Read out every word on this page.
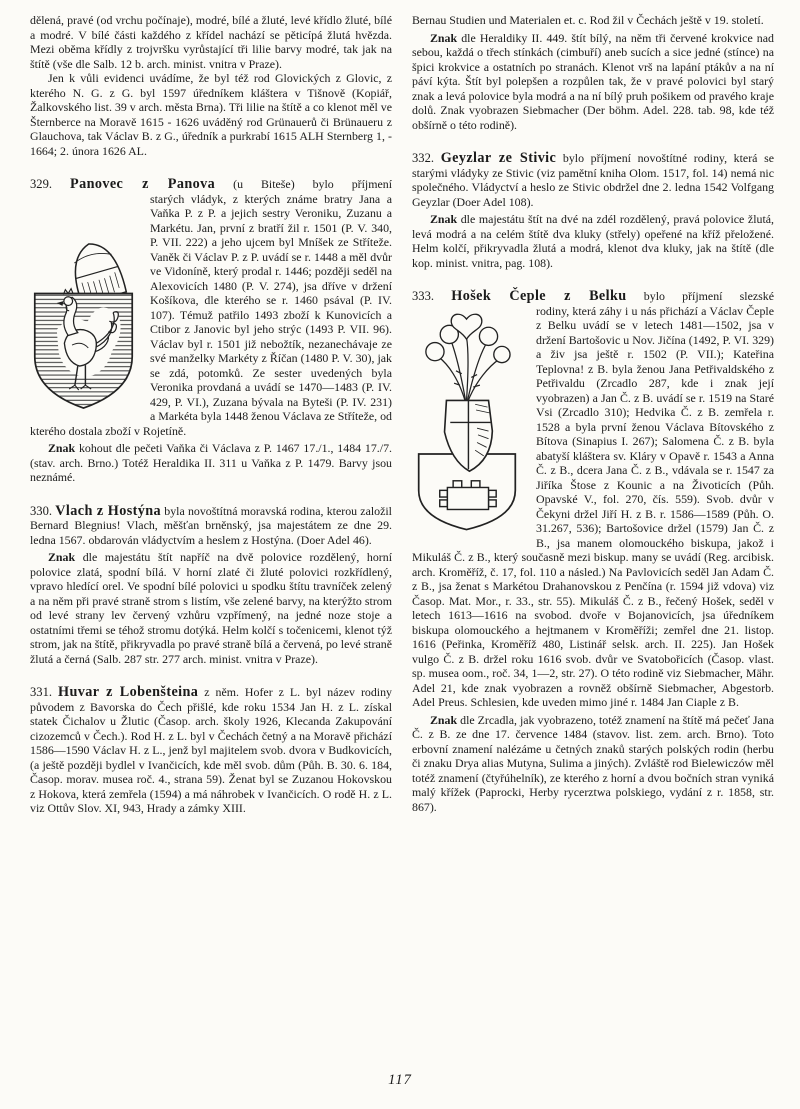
dělená, pravé (od vrchu počínaje), modré, bílé a žluté, levé křídlo žluté, bílé a modré. V bílé části každého z křídel nachází se pěticípá žlutá hvězda. Mezi oběma křídly z trojvršku vyrůstající tři lilie barvy modré, tak jak na štítě (vše dle Salb. 12 b. arch. minist. vnitra v Praze).

Jen k vůli evidenci uvádíme, že byl též rod Glovických z Glovic, z kterého N. G. z G. byl 1597 úředníkem kláštera v Tišnově (Kopiář, Žalkovského list. 39 v arch. města Brna). Tři lilie na štítě a co klenot měl ve Šternberce na Moravě 1615 - 1626 uváděný rod Grünauerů či Brünaueru z Glauchova, tak Václav B. z G., úředník a purkrabí 1615 ALH Sternberg 1, - 1664; 2. února 1626 AL.

329. Panovec z Panova (u Biteše) bylo příjmení

starých vládyk, z kterých známe bratry Jana a Vaňka P. z P. a jejich sestry Veroniku, Zuzanu a Markétu. Jan, první z bratří žil r. 1501 (P. V. 340, P. VII. 222) a jeho ujcem byl Mníšek ze Stříteže. Vaněk či Václav P. z P. uvádí se r. 1448 a měl dvůr ve Vidoníně, který prodal r. 1446; později seděl na Alexovicích 1480 (P. V. 274), jsa dříve v držení Košíkova, dle kterého se r. 1460 psával (P. IV. 107). Témuž patřilo 1493 zboží k Kunovicích a Ctibor z Janovic byl jeho strýc (1493 P. VII. 96). Václav byl r. 1501 již nebožtík, nezanechávaje ze své manželky Markéty z Říčan (1480 P. V. 30), jak se zdá, potomků. Ze sester uvedených byla Veronika provdaná a uvádí se 1470—1483 (P. IV. 429, P. VI.), Zuzana bývala na Byteši (P. IV. 231) a Markéta byla 1448 ženou Václava ze Stříteže, od kterého dostala zboží v Rojetíně.

Znak kohout dle pečeti Vaňka či Václava z P. 1467 17./1., 1484 17./7. (stav. arch. Brno.) Totéž Heraldika II. 311 u Vaňka z P. 1479. Barvy jsou neznámé.

330. Vlach z Hostýna byla novoštítná moravská rodina, kterou založil Bernard Blegnius! Vlach, měšťan brněnský, jsa majestátem ze dne 29. ledna 1567. obdarován vládyctvím a heslem z Hostýna. (Doer Adel 46).

Znak dle majestátu štít napříč na dvě polovice rozdělený, horní polovice zlatá, spodní bílá. V horní zlaté či žluté polovici rozkřídlený, vpravo hledící orel. Ve spodní bílé polovici u spodku štítu travníček zelený a na něm při pravé straně strom s listím, vše zelené barvy, na kterýžto strom od levé strany lev červený vzhůru vzpřímený, na jedné noze stoje a ostatními třemi se téhož stromu dotýká. Helm kolčí s točenicemi, klenot týž strom, jak na štítě, přikryvadla po pravé straně bílá a červená, po levé straně žlutá a černá (Salb. 287 str. 277 arch. minist. vnitra v Praze).

331. Huvar z Lobenšteina z něm. Hofer z L. byl název rodiny původem z Bavorska do Čech přišlé, kde roku 1534 Jan H. z L. získal statek Čichalov u Žlutic (Časop. arch. školy 1926, Klecanda Zakupování cizozemců v Čech.). Rod H. z L. byl v Čechách četný a na Moravě přichází 1586—1590 Václav H. z L., jenž byl majitelem svob. dvora v Budkovicích, (a ještě později bydlel v Ivančicích, kde měl svob. dům (Půh. B. 30. 6. 184, Časop. morav. musea roč. 4., strana 59). Ženat byl se Zuzanou Hokovskou z Hokova, která zemřela (1594) a má náhrobek v Ivančicích. O rodě H. z L. viz Ottův Slov. XI, 943, Hrady a zámky XIII.

Bernau Studien und Materialen et. c. Rod žil v Čechách ještě v 19. století.

Znak dle Heraldiky II. 449. štít bílý, na něm tři červené krokvice nad sebou, každá o třech stínkách (cimbuří) aneb sucích a sice jedné (stínce) na špici krokvice a ostatních po stranách. Klenot vrš na lapání ptákův a na ní páví kýta. Štít byl polepšen a rozpůlen tak, že v pravé polovici byl starý znak a levá polovice byla modrá a na ní bílý pruh pošikem od pravého kraje dolů. Znak vyobrazen Siebmacher (Der böhm. Adel. 228. tab. 98, kde též obšírně o této rodině).

332. Geyzlar ze Stivic bylo příjmení novoštítné rodiny, která se starými vládyky ze Stivic (viz pamětní kniha Olom. 1517, fol. 14) nemá nic společného. Vládyctví a heslo ze Stivic obdržel dne 2. ledna 1542 Volfgang Geyzlar (Doer Adel 108).

Znak dle majestátu štít na dvé na zdél rozdělený, pravá polovice žlutá, levá modrá a na celém štítě dva kluky (střely) opeřené na kříž přeložené. Helm kolčí, přikryvadla žlutá a modrá, klenot dva kluky, jak na štítě (dle kop. minist. vnitra, pag. 108).

333. Hošek Čeple z Belku bylo příjmení slezské

rodiny, která záhy i u nás přichází a Václav Čeple z Belku uvádí se v letech 1481—1502, jsa v držení Bartošovic u Nov. Jičína (1492, P. VI. 329) a živ jsa ještě r. 1502 (P. VII.); Kateřina Teplovna! z B. byla ženou Jana Petřivaldského z Petřivaldu (Zrcadlo 287, kde i znak její vyobrazen) a Jan Č. z B. uvádí se r. 1519 na Staré Vsi (Zrcadlo 310); Hedvika Č. z B. zemřela r. 1528 a byla první ženou Václava Bítovského z Bítova (Sinapius I. 267); Salomena Č. z B. byla abatyší kláštera sv. Kláry v Opavě r. 1543 a Anna Č. z B., dcera Jana Č. z B., vdávala se r. 1547 za Jiříka Štose z Kounic a na Životicích (Půh. Opavské V., fol. 270, čís. 559). Svob. dvůr v Čekyni držel Jiří H. z B. r. 1586—1589 (Půh. O. 31.267, 536); Bartošovice držel (1579) Jan Č. z B., jsa manem olomouckého biskupa, jakož i Mikuláš Č. z B., který současně mezi biskup. many se uvádí (Reg. arcibisk. arch. Kroměříž, č. 17, fol. 110 a násled.) Na Pavlovicích seděl Jan Adam Č. z B., jsa ženat s Markétou Drahanovskou z Penčína (r. 1594 již vdova) viz Časop. Mat. Mor., r. 33., str. 55). Mikuláš Č. z B., řečený Hošek, seděl v letech 1613—1616 na svobod. dvoře v Bojanovicích, jsa úředníkem biskupa olomouckého a hejtmanem v Kroměříži; zemřel dne 21. listop. 1616 (Peřinka, Kroměříž 480, Listinář selsk. arch. II. 225). Jan Hošek vulgo Č. z B. držel roku 1616 svob. dvůr ve Svatobořicích (Časop. vlast. sp. musea oom., roč. 34, 1—2, str. 27). O této rodině viz Siebmacher, Mähr. Adel 21, kde znak vyobrazen a rovněž obšírně Siebmacher, Abgestorb. Adel Preus. Schlesien, kde uveden mimo jiné r. 1484 Jan Ciaple z B.

Znak dle Zrcadla, jak vyobrazeno, totéž znamení na štítě má pečeť Jana Č. z B. ze dne 17. července 1484 (stavov. list. zem. arch. Brno). Toto erbovní znamení nalézáme u četných znaků starých polských rodin (herbu či znaku Drya alias Mutyna, Sulima a jiných). Zvláště rod Bielewiczów měl totéž znamení (čtyřúhelník), ze kterého z horní a dvou bočních stran vyniká malý křížek (Paprocki, Herby rycerztwa polskiego, vydání z r. 1858, str. 867).

117
